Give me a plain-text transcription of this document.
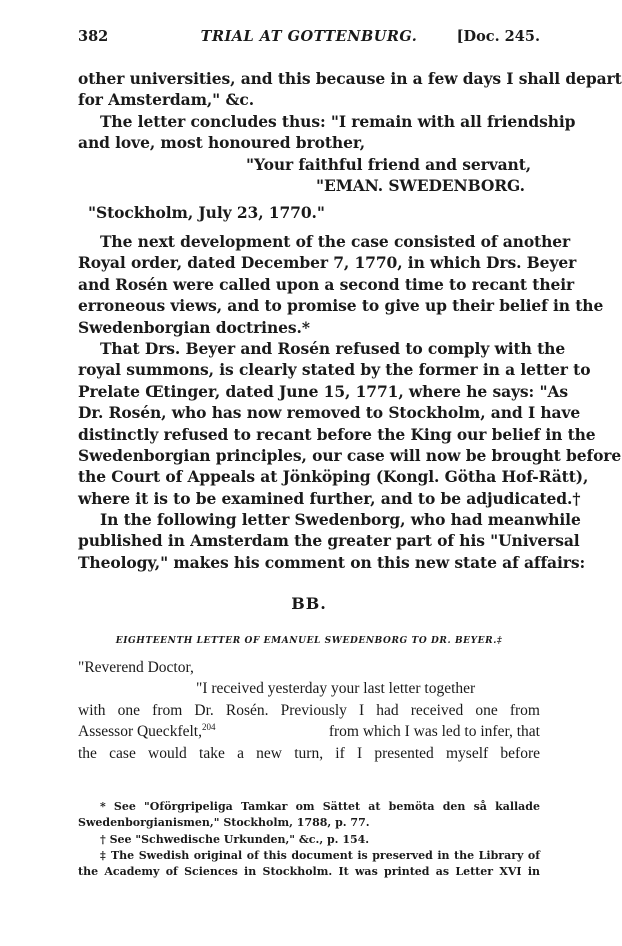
382	TRIAL AT GOTTENBURG.	[Doc. 245.
other universities, and this because in a few days I shall depart
for Amsterdam," &c.
The letter concludes thus: "I remain with all friendship
and love, most honoured brother,
"Your faithful friend and servant,
"EMAN. SWEDENBORG.
"Stockholm, July 23, 1770."
The next development of the case consisted of another
Royal order, dated December 7, 1770, in which Drs. Beyer
and Rosén were called upon a second time to recant their
erroneous views, and to promise to give up their belief in the
Swedenborgian doctrines.*
That Drs. Beyer and Rosén refused to comply with the
royal summons, is clearly stated by the former in a letter to
Prelate Œtinger, dated June 15, 1771, where he says: "As
Dr. Rosén, who has now removed to Stockholm, and I have
distinctly refused to recant before the King our belief in the
Swedenborgian principles, our case will now be brought before
the Court of Appeals at Jönköping (Kongl. Götha Hof-Rätt),
where it is to be examined further, and to be adjudicated.†
In the following letter Swedenborg, who had meanwhile
published in Amsterdam the greater part of his "Universal
Theology," makes his comment on this new state af affairs:
BB.
EIGHTEENTH LETTER OF EMANUEL SWEDENBORG TO DR. BEYER.‡
"Reverend Doctor,
"I received yesterday your last letter together
with one from Dr. Rosén. Previously I had received one from
Assessor Queckfelt,$^{204}$	from which I was led to infer, that
the case would take a new turn, if I presented myself before
* See "Oförgripeliga Tamkar om Sättet at bemöta den så kallade
Swedenborgianismen," Stockholm, 1788, p. 77.
† See "Schwedische Urkunden," &c., p. 154.
‡ The Swedish original of this document is preserved in the Library of
the Academy of Sciences in Stockholm. It was printed as Letter XVI in
